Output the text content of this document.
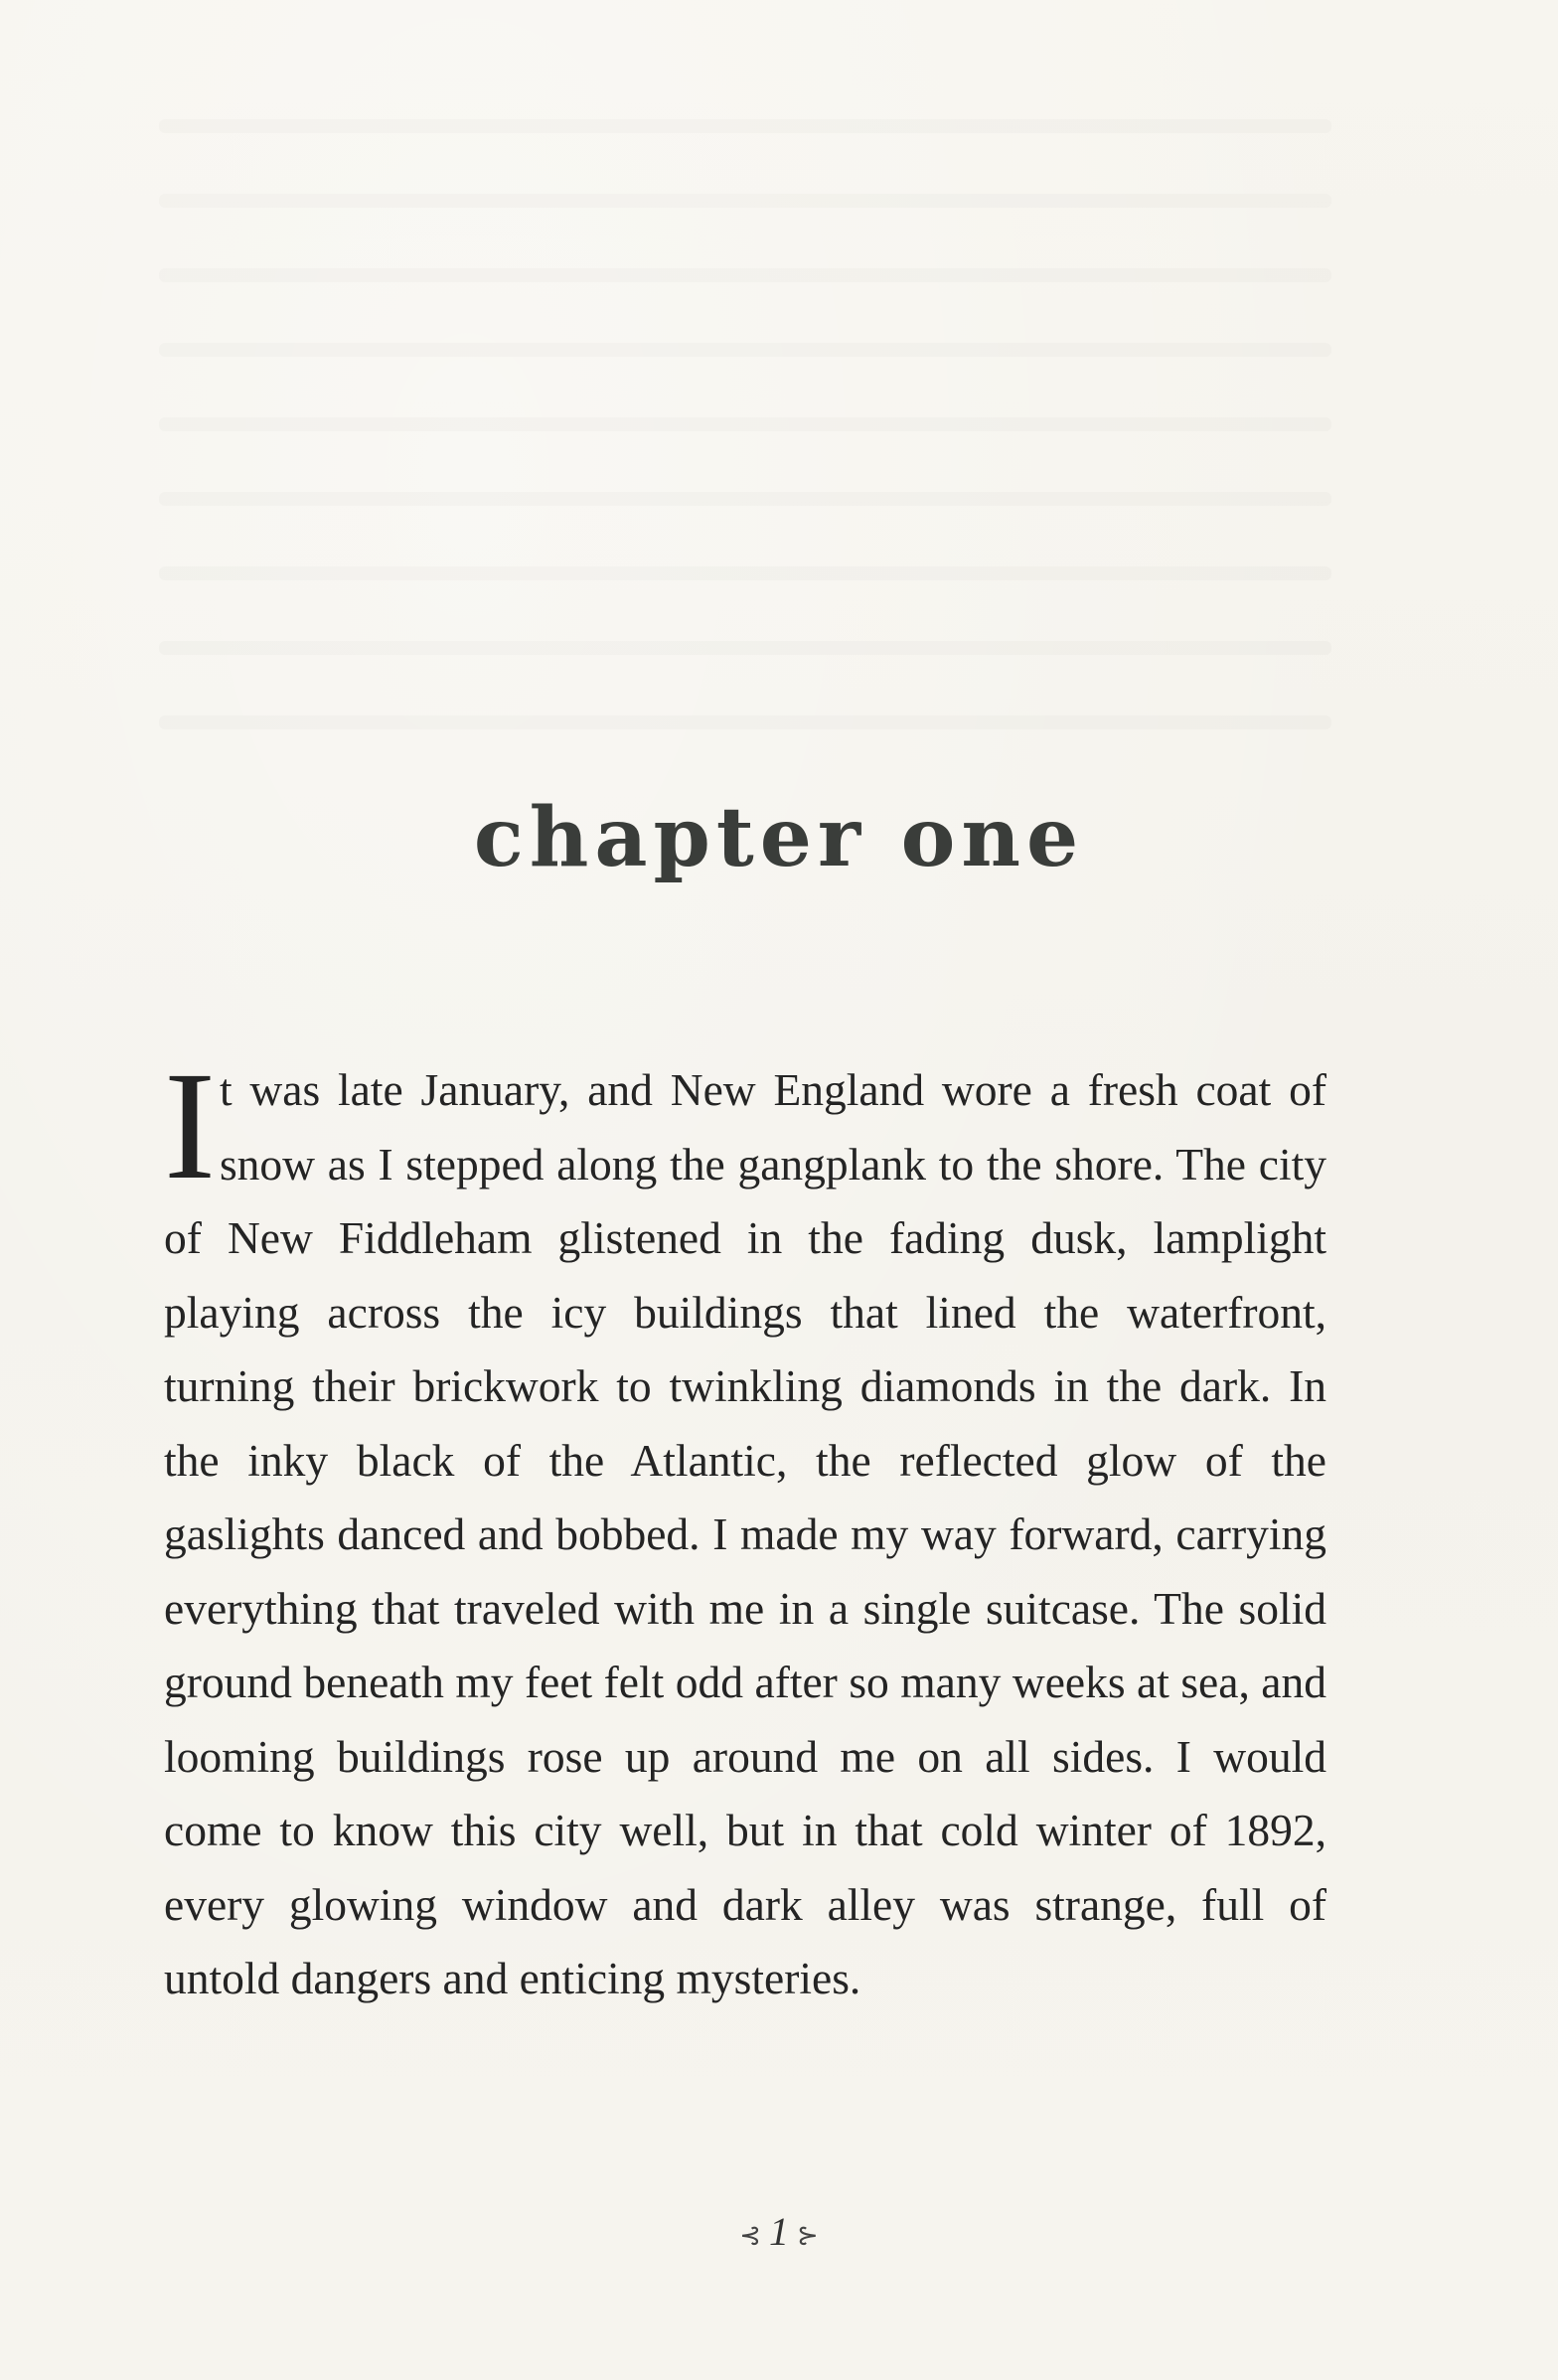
chapter one
It was late January, and New England wore a fresh coat of snow as I stepped along the gangplank to the shore. The city of New Fiddleham glistened in the fading dusk, lamplight playing across the icy buildings that lined the waterfront, turning their brickwork to twinkling diamonds in the dark. In the inky black of the Atlantic, the reflected glow of the gaslights danced and bobbed. I made my way forward, carrying everything that traveled with me in a single suitcase. The solid ground beneath my feet felt odd after so many weeks at sea, and looming buildings rose up around me on all sides. I would come to know this city well, but in that cold winter of 1892, every glowing window and dark alley was strange, full of untold dangers and enticing mysteries.
⊰ 1 ⊱
